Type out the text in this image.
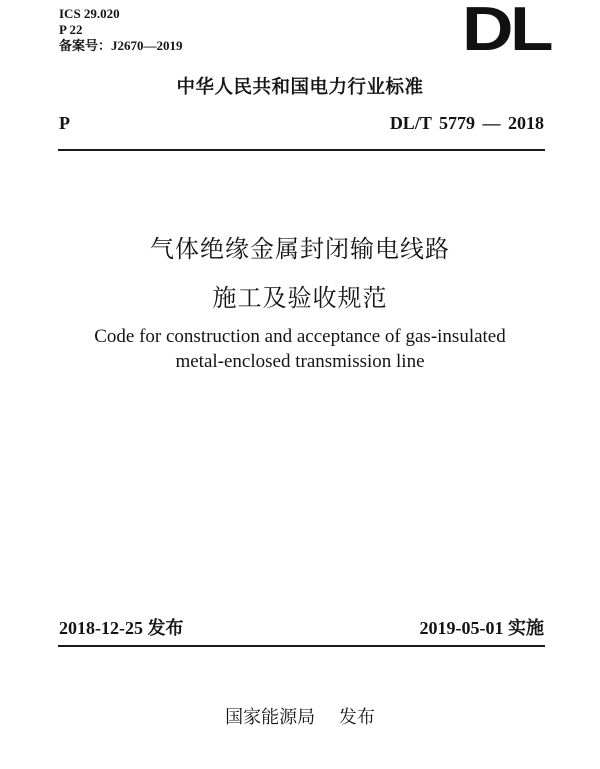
ICS 29.020
P 22
备案号：J2670—2019	DL
中华人民共和国电力行业标准
P	DL/T 5779 — 2018
气体绝缘金属封闭输电线路
施工及验收规范
Code for construction and acceptance of gas-insulated
metal-enclosed transmission line
2018-12-25 发布	2019-05-01 实施
国家能源局 发布
